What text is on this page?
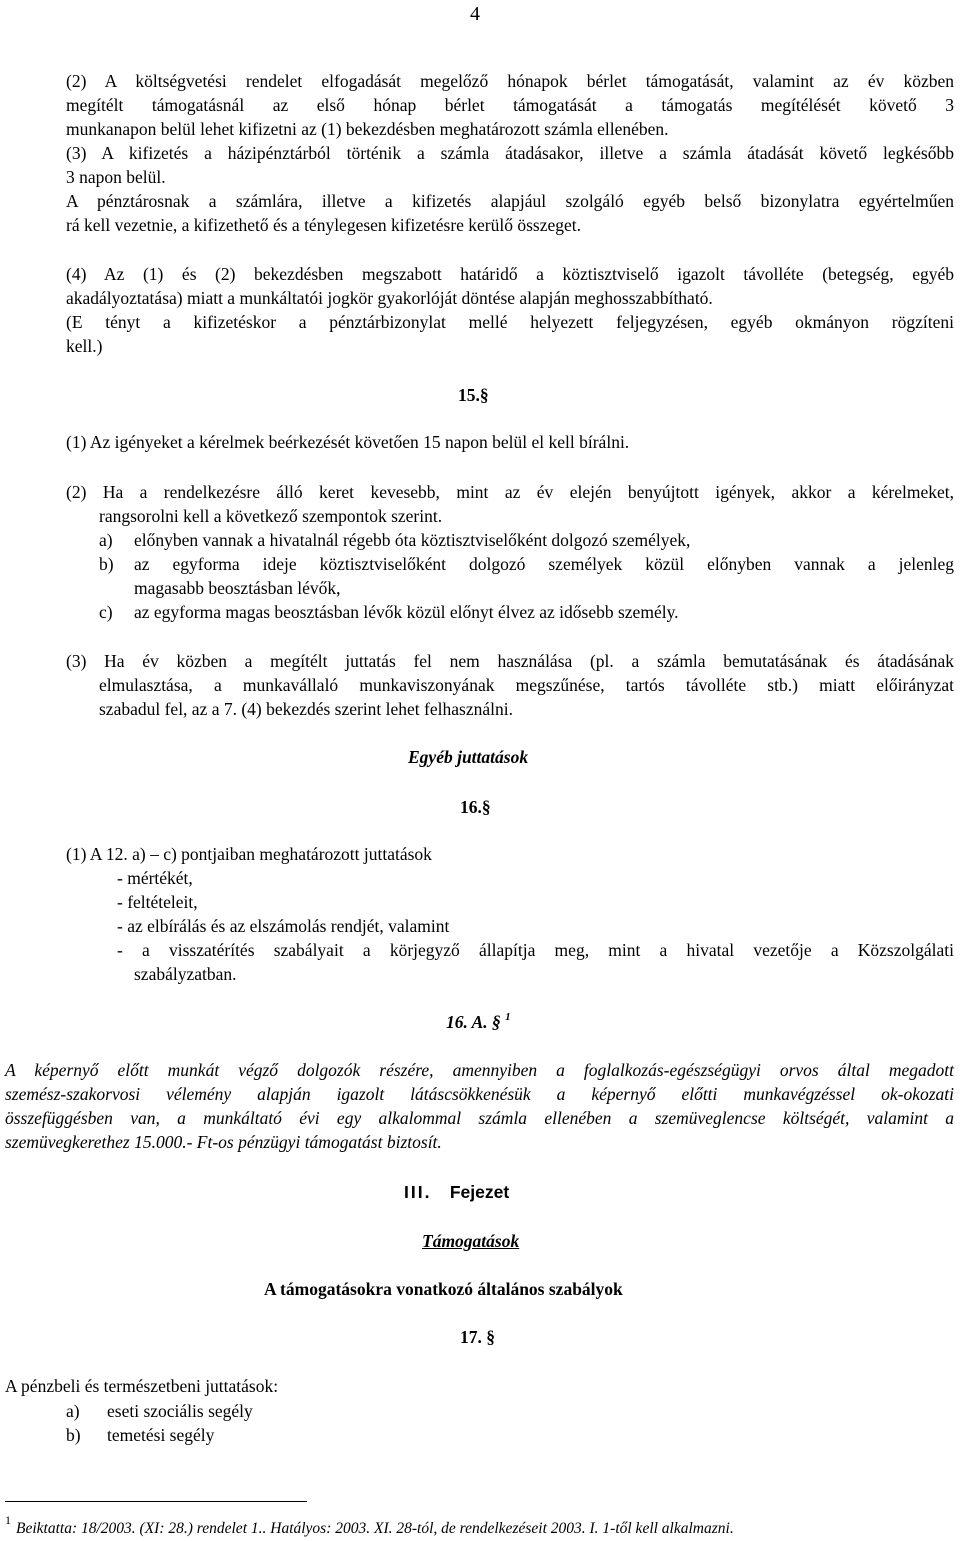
4
(2) A költségvetési rendelet elfogadását megelőző hónapok bérlet támogatását, valamint az év közben
megítélt támogatásnál az első hónap bérlet támogatását a támogatás megítélését követő 3
munkanapon belül lehet kifizetni az (1) bekezdésben meghatározott számla ellenében.
(3) A kifizetés a házipénztárból történik a számla átadásakor, illetve a számla átadását követő legkésőbb
3 napon belül.
A pénztárosnak a számlára, illetve a kifizetés alapjául szolgáló egyéb belső bizonylatra egyértelműen
rá kell vezetnie, a kifizethető és a ténylegesen kifizetésre kerülő összeget.
(4) Az (1) és (2) bekezdésben megszabott határidő a köztisztviselő igazolt távolléte (betegség, egyéb
akadályoztatása) miatt a munkáltatói jogkör gyakorlóját döntése alapján meghosszabbítható.
(E tényt a kifizetéskor a pénztárbizonylat mellé helyezett feljegyzésen, egyéb okmányon rögzíteni
kell.)
15.§
(1) Az igényeket a kérelmek beérkezését követően 15 napon belül el kell bírálni.
(2) Ha a rendelkezésre álló keret kevesebb, mint az év elején benyújtott igények, akkor a kérelmeket,
rangsorolni kell a következő szempontok szerint.
a) előnyben vannak a hivatalnál régebb óta köztisztviselőként dolgozó személyek,
b) az egyforma ideje köztisztviselőként dolgozó személyek közül előnyben vannak a jelenleg
magasabb beosztásban lévők,
c) az egyforma magas beosztásban lévők közül előnyt élvez az idősebb személy.
(3) Ha év közben a megítélt juttatás fel nem használása (pl. a számla bemutatásának és átadásának
elmulasztása, a munkavállaló munkaviszonyának megszűnése, tartós távolléte stb.) miatt előirányzat
szabadul fel, az a 7. (4) bekezdés szerint lehet felhasználni.
Egyéb juttatások
16.§
(1) A 12. a) – c) pontjaiban meghatározott juttatások
- mértékét,
- feltételeit,
- az elbírálás és az elszámolás rendjét, valamint
- a visszatérítés szabályait a körjegyző állapítja meg, mint a hivatal vezetője a Közszolgálati
szabályzatban.
16. A. § $^1$
A képernyő előtt munkát végző dolgozók részére, amennyiben a foglalkozás-egészségügyi orvos által megadott
szemész-szakorvosi vélemény alapján igazolt látáscsökkenésük a képernyő előtti munkavégzéssel ok-okozati
összefüggésben van, a munkáltató évi egy alkalommal számla ellenében a szemüveglencse költségét, valamint a
szemüvegkerethez 15.000.- Ft-os pénzügyi támogatást biztosít.
III. Fejezet
Támogatások
A támogatásokra vonatkozó általános szabályok
17. §
A pénzbeli és természetbeni juttatások:
a) eseti szociális segély
b) temetési segély
1 Beiktatta: 18/2003. (XI: 28.) rendelet 1.. Hatályos: 2003. XI. 28-tól, de rendelkezéseit 2003. I. 1-től kell alkalmazni.
